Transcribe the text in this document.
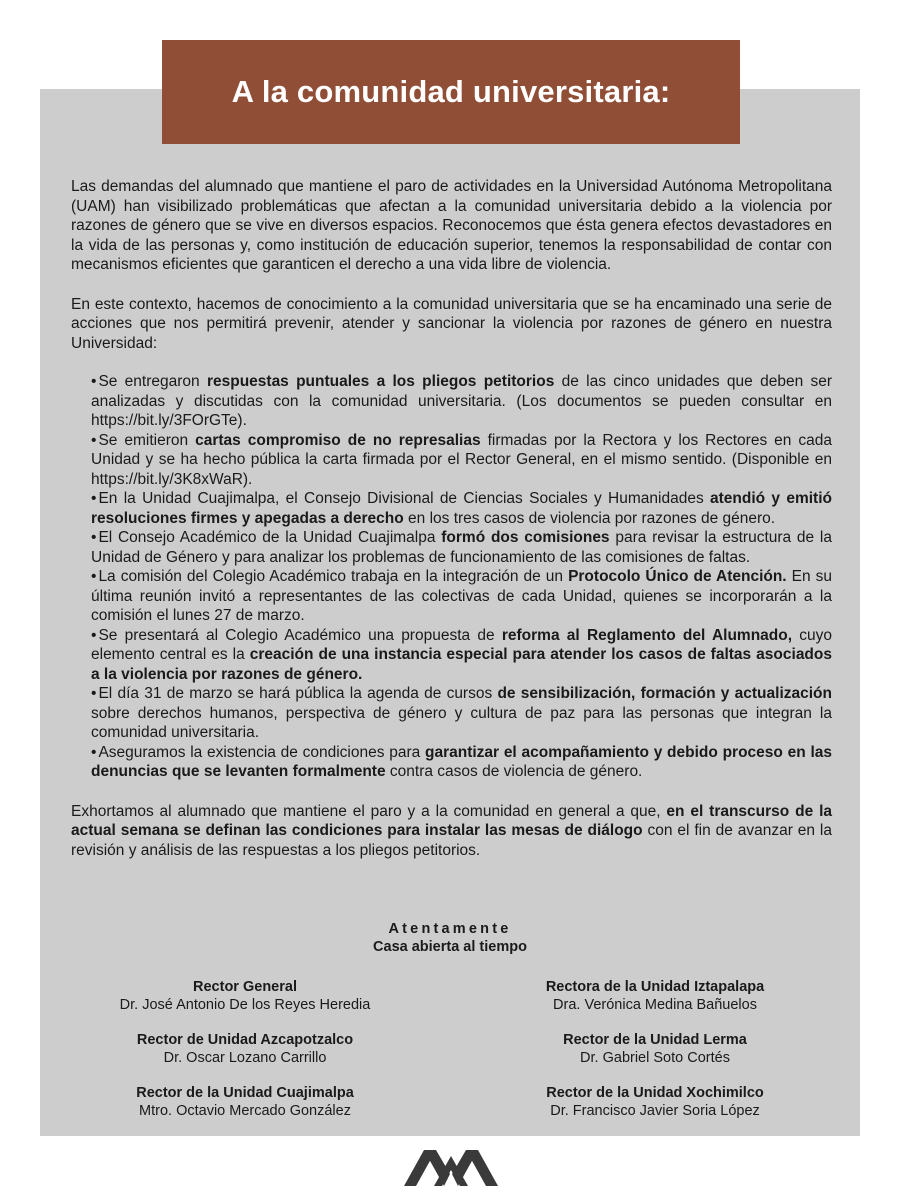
A la comunidad universitaria:

Las demandas del alumnado que mantiene el paro de actividades en la Universidad Autónoma Metropolitana (UAM) han visibilizado problemáticas que afectan a la comunidad universitaria debido a la violencia por razones de género que se vive en diversos espacios. Reconocemos que ésta genera efectos devastadores en la vida de las personas y, como institución de educación superior, tenemos la responsabilidad de contar con mecanismos eficientes que garanticen el derecho a una vida libre de violencia.

En este contexto, hacemos de conocimiento a la comunidad universitaria que se ha encaminado una serie de acciones que nos permitirá prevenir, atender y sancionar la violencia por razones de género en nuestra Universidad:

• Se entregaron respuestas puntuales a los pliegos petitorios de las cinco unidades que deben ser analizadas y discutidas con la comunidad universitaria. (Los documentos se pueden consultar en https://bit.ly/3FOrGTe).
• Se emitieron cartas compromiso de no represalias firmadas por la Rectora y los Rectores en cada Unidad y se ha hecho pública la carta firmada por el Rector General, en el mismo sentido. (Disponible en https://bit.ly/3K8xWaR).
• En la Unidad Cuajimalpa, el Consejo Divisional de Ciencias Sociales y Humanidades atendió y emitió resoluciones firmes y apegadas a derecho en los tres casos de violencia por razones de género.
• El Consejo Académico de la Unidad Cuajimalpa formó dos comisiones para revisar la estructura de la Unidad de Género y para analizar los problemas de funcionamiento de las comisiones de faltas.
• La comisión del Colegio Académico trabaja en la integración de un Protocolo Único de Atención. En su última reunión invitó a representantes de las colectivas de cada Unidad, quienes se incorporarán a la comisión el lunes 27 de marzo.
• Se presentará al Colegio Académico una propuesta de reforma al Reglamento del Alumnado, cuyo elemento central es la creación de una instancia especial para atender los casos de faltas asociados a la violencia por razones de género.
• El día 31 de marzo se hará pública la agenda de cursos de sensibilización, formación y actualización sobre derechos humanos, perspectiva de género y cultura de paz para las personas que integran la comunidad universitaria.
• Aseguramos la existencia de condiciones para garantizar el acompañamiento y debido proceso en las denuncias que se levanten formalmente contra casos de violencia de género.

Exhortamos al alumnado que mantiene el paro y a la comunidad en general a que, en el transcurso de la actual semana se definan las condiciones para instalar las mesas de diálogo con el fin de avanzar en la revisión y análisis de las respuestas a los pliegos petitorios.

Atentamente
Casa abierta al tiempo
Rector General
Dr. José Antonio De los Reyes Heredia
Rectora de la Unidad Iztapalapa
Dra. Verónica Medina Bañuelos
Rector de Unidad Azcapotzalco
Dr. Oscar Lozano Carrillo
Rector de la Unidad Lerma
Dr. Gabriel Soto Cortés
Rector de la Unidad Cuajimalpa
Mtro. Octavio Mercado González
Rector de la Unidad Xochimilco
Dr. Francisco Javier Soria López
